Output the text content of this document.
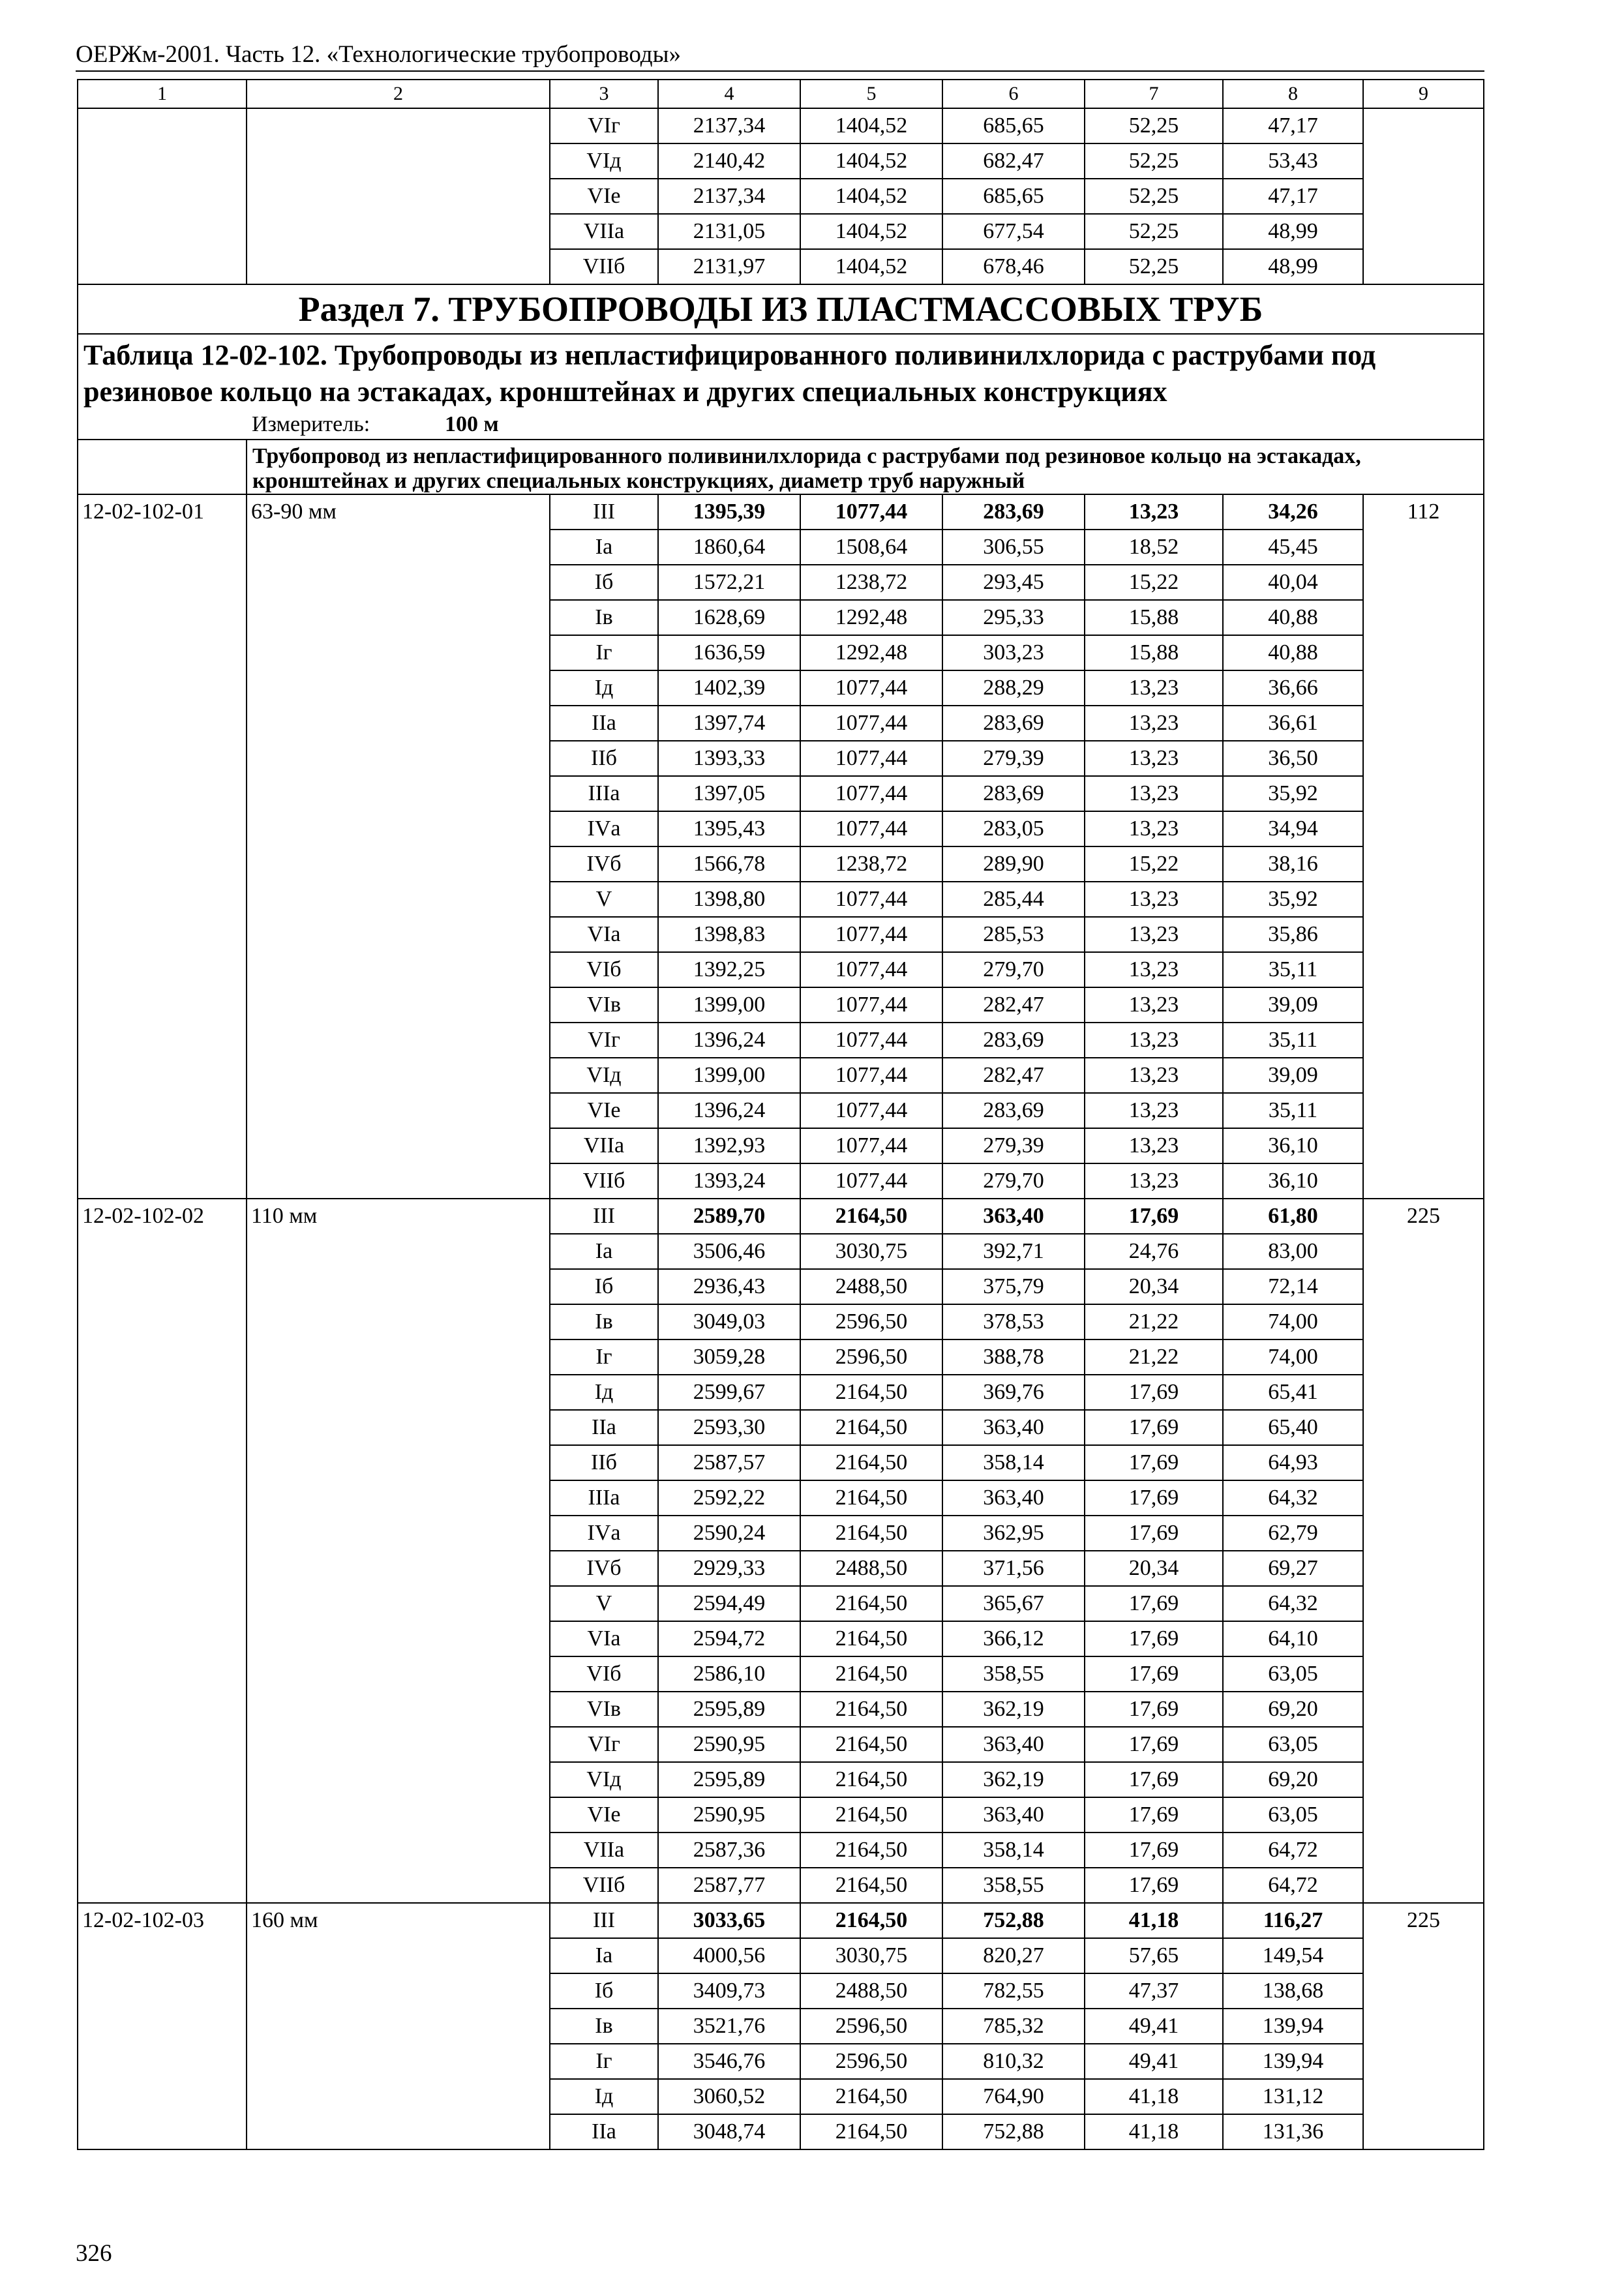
ОЕРЖм-2001. Часть 12. «Технологические трубопроводы»
1	2	3	4	5	6	7	8	9
		VIг	2137,34	1404,52	685,65	52,25	47,17	
		VIд	2140,42	1404,52	682,47	52,25	53,43	
		VIе	2137,34	1404,52	685,65	52,25	47,17	
		VIIа	2131,05	1404,52	677,54	52,25	48,99	
		VIIб	2131,97	1404,52	678,46	52,25	48,99	
Раздел 7. ТРУБОПРОВОДЫ ИЗ ПЛАСТМАССОВЫХ ТРУБ								
Таблица 12-02-102. Трубопроводы из непластифицированного поливинилхлорида с раструбами под резиновое кольцо на эстакадах, кронштейнах и других специальных конструкциях								

Измеритель: 100 м								

	Трубопровод из непластифицированного поливинилхлорида с раструбами под резиновое кольцо на эстакадах, кронштейнах и других специальных конструкциях, диаметр труб наружный							
12-02-102-01	63-90 мм	III	1395,39	1077,44	283,69	13,23	34,26	112
		Iа	1860,64	1508,64	306,55	18,52	45,45	
		Iб	1572,21	1238,72	293,45	15,22	40,04	
		Iв	1628,69	1292,48	295,33	15,88	40,88	
		Iг	1636,59	1292,48	303,23	15,88	40,88	
		Iд	1402,39	1077,44	288,29	13,23	36,66	
		IIа	1397,74	1077,44	283,69	13,23	36,61	
		IIб	1393,33	1077,44	279,39	13,23	36,50	
		IIIа	1397,05	1077,44	283,69	13,23	35,92	
		IVа	1395,43	1077,44	283,05	13,23	34,94	
		IVб	1566,78	1238,72	289,90	15,22	38,16	
		V	1398,80	1077,44	285,44	13,23	35,92	
		VIа	1398,83	1077,44	285,53	13,23	35,86	
		VIб	1392,25	1077,44	279,70	13,23	35,11	
		VIв	1399,00	1077,44	282,47	13,23	39,09	
		VIг	1396,24	1077,44	283,69	13,23	35,11	
		VIд	1399,00	1077,44	282,47	13,23	39,09	
		VIе	1396,24	1077,44	283,69	13,23	35,11	
		VIIа	1392,93	1077,44	279,39	13,23	36,10	
		VIIб	1393,24	1077,44	279,70	13,23	36,10	
12-02-102-02	110 мм	III	2589,70	2164,50	363,40	17,69	61,80	225
		Iа	3506,46	3030,75	392,71	24,76	83,00	
		Iб	2936,43	2488,50	375,79	20,34	72,14	
		Iв	3049,03	2596,50	378,53	21,22	74,00	
		Iг	3059,28	2596,50	388,78	21,22	74,00	
		Iд	2599,67	2164,50	369,76	17,69	65,41	
		IIа	2593,30	2164,50	363,40	17,69	65,40	
		IIб	2587,57	2164,50	358,14	17,69	64,93	
		IIIа	2592,22	2164,50	363,40	17,69	64,32	
		IVа	2590,24	2164,50	362,95	17,69	62,79	
		IVб	2929,33	2488,50	371,56	20,34	69,27	
		V	2594,49	2164,50	365,67	17,69	64,32	
		VIа	2594,72	2164,50	366,12	17,69	64,10	
		VIб	2586,10	2164,50	358,55	17,69	63,05	
		VIв	2595,89	2164,50	362,19	17,69	69,20	
		VIг	2590,95	2164,50	363,40	17,69	63,05	
		VIд	2595,89	2164,50	362,19	17,69	69,20	
		VIе	2590,95	2164,50	363,40	17,69	63,05	
		VIIа	2587,36	2164,50	358,14	17,69	64,72	
		VIIб	2587,77	2164,50	358,55	17,69	64,72	
12-02-102-03	160 мм	III	3033,65	2164,50	752,88	41,18	116,27	225
		Iа	4000,56	3030,75	820,27	57,65	149,54	
		Iб	3409,73	2488,50	782,55	47,37	138,68	
		Iв	3521,76	2596,50	785,32	49,41	139,94	
		Iг	3546,76	2596,50	810,32	49,41	139,94	
		Iд	3060,52	2164,50	764,90	41,18	131,12	
		IIа	3048,74	2164,50	752,88	41,18	131,36	
326
